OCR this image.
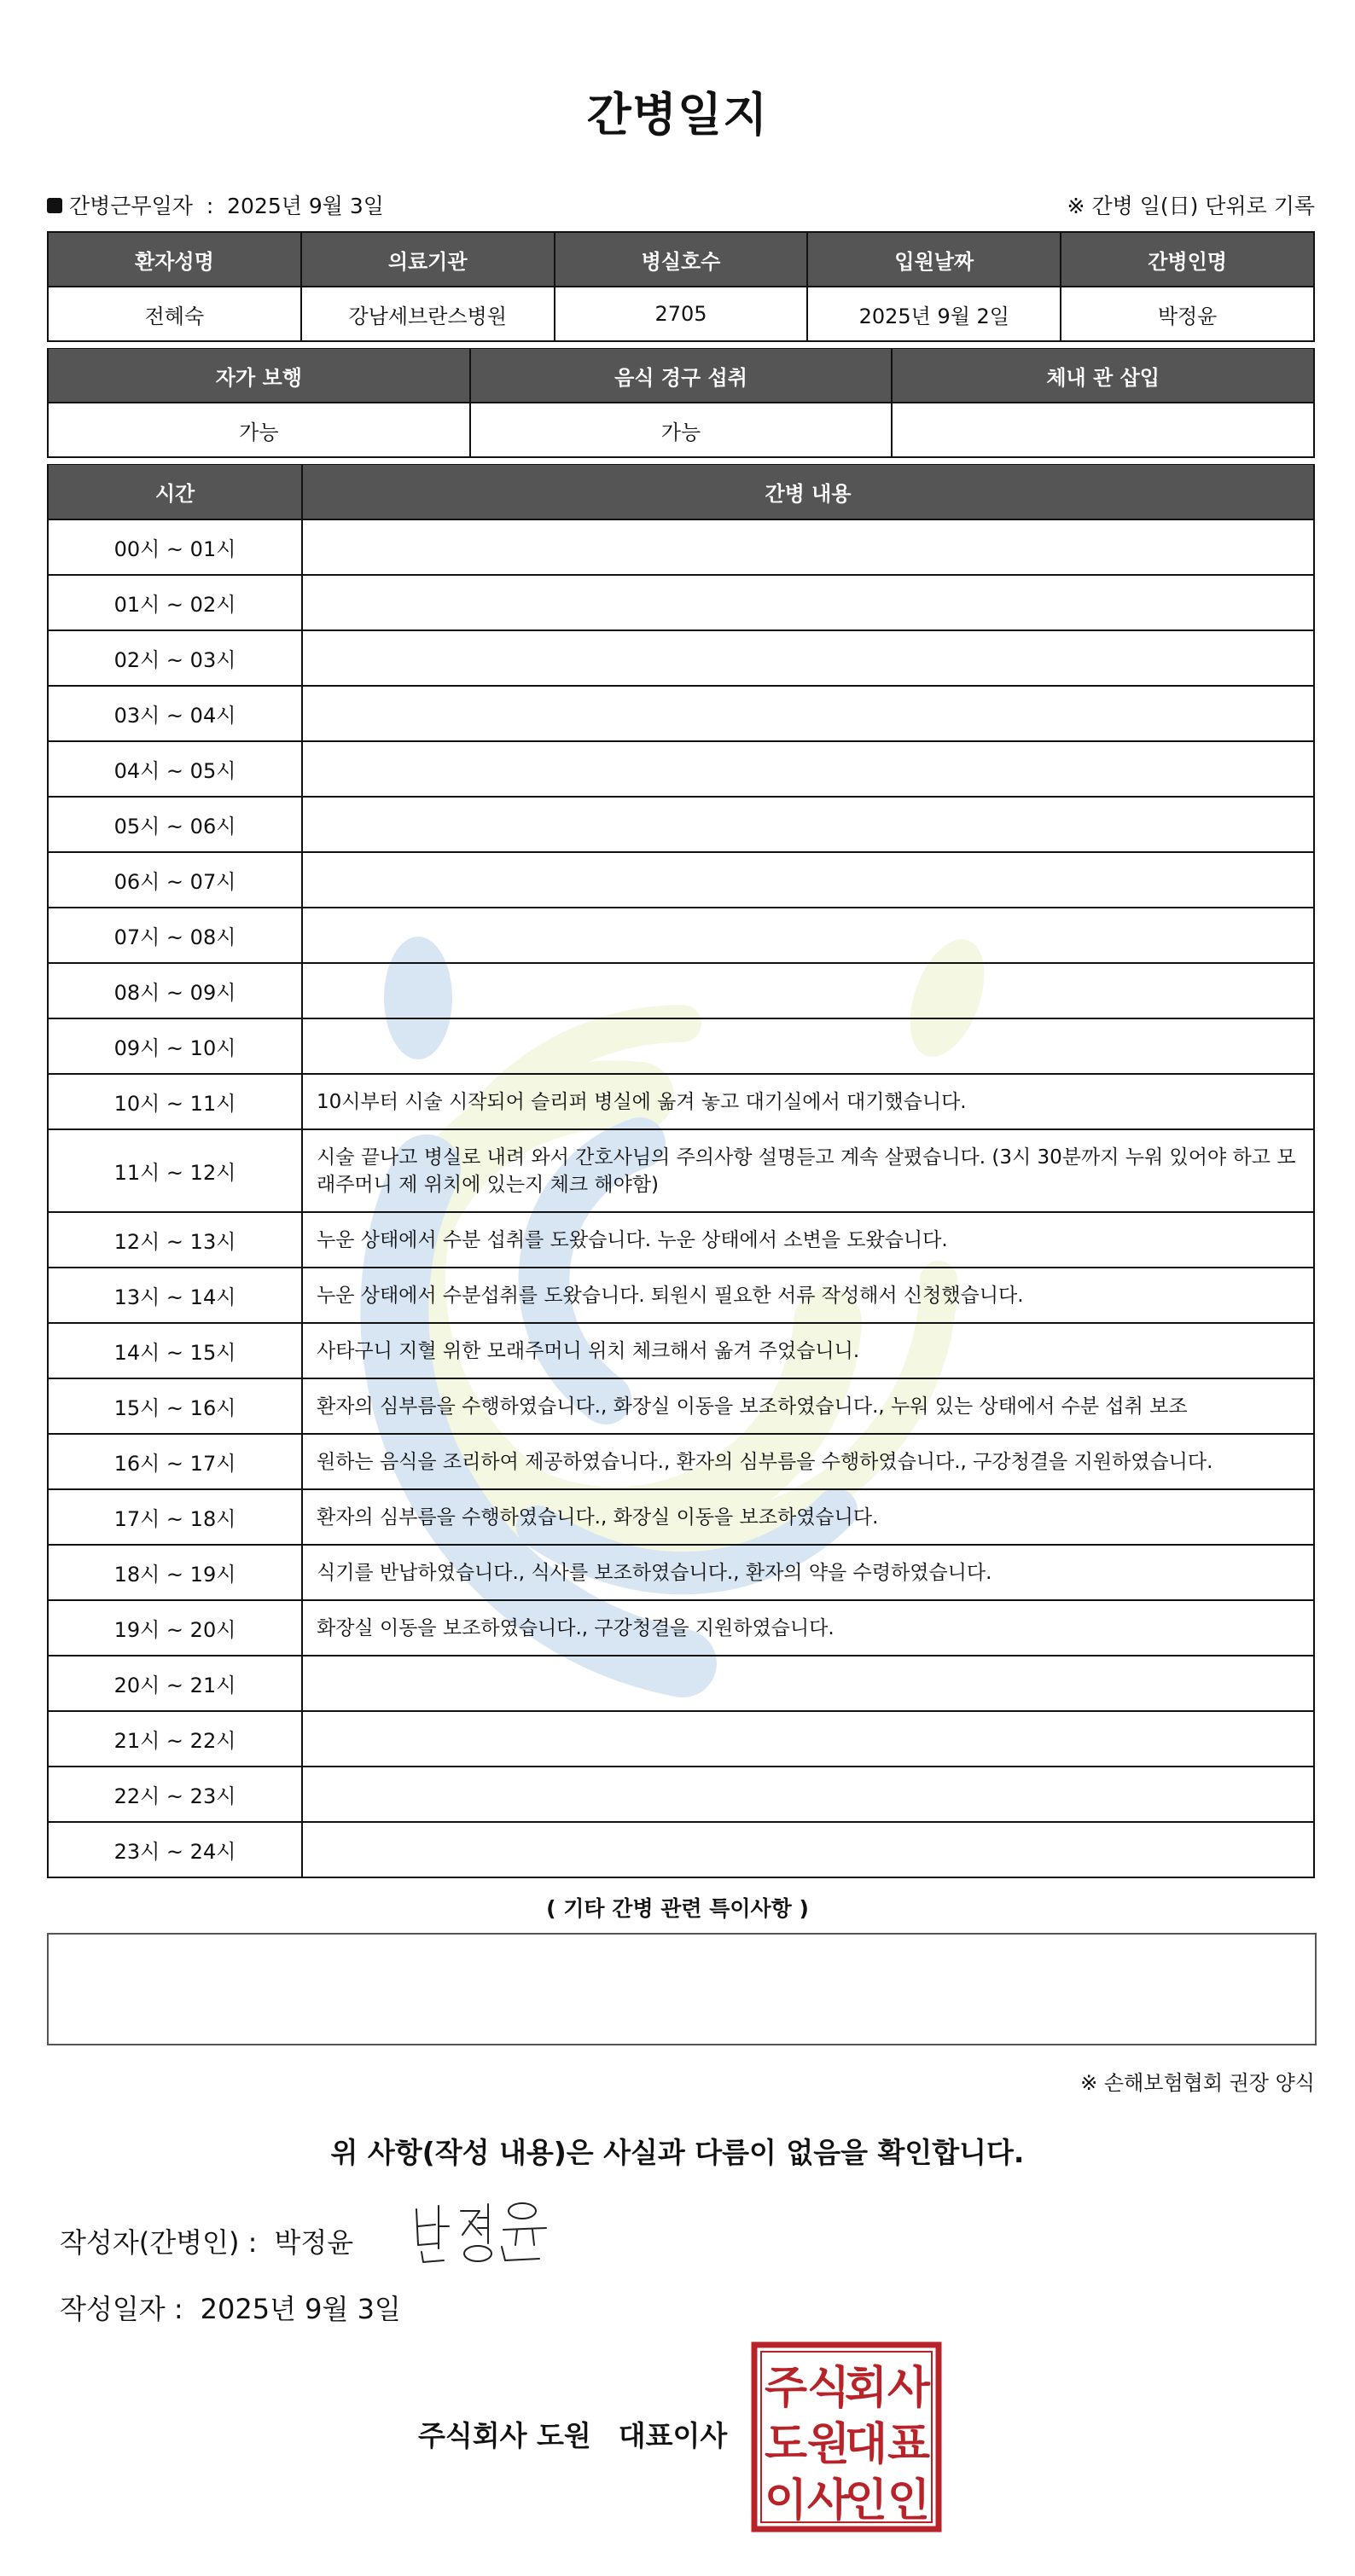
간병일지
간병근무일자 : 2025년 9월 3일	※ 간병 일(日) 단위로 기록
환자성명	의료기관	병실호수	입원날짜	간병인명
전혜숙	강남세브란스병원	2705	2025년 9월 2일	박정윤
자가 보행	음식 경구 섭취	체내 관 삽입
가능	가능	
시간	간병 내용
00시 ~ 01시	
01시 ~ 02시	
02시 ~ 03시	
03시 ~ 04시	
04시 ~ 05시	
05시 ~ 06시	
06시 ~ 07시	
07시 ~ 08시	
08시 ~ 09시	
09시 ~ 10시	
10시 ~ 11시	10시부터 시술 시작되어 슬리퍼 병실에 옮겨 놓고 대기실에서 대기했습니다.
11시 ~ 12시	시술 끝나고 병실로 내려 와서 간호사님의 주의사항 설명듣고 계속 살폈습니다. (3시 30분까지 누워 있어야 하고 모래주머니 제 위치에 있는지 체크 해야함)
12시 ~ 13시	누운 상태에서 수분 섭취를 도왔습니다. 누운 상태에서 소변을 도왔습니다.
13시 ~ 14시	누운 상태에서 수분섭취를 도왔습니다. 퇴원시 필요한 서류 작성해서 신청했습니다.
14시 ~ 15시	사타구니 지혈 위한 모래주머니 위치 체크해서 옮겨 주었습니니.
15시 ~ 16시	환자의 심부름을 수행하였습니다., 화장실 이동을 보조하였습니다., 누워 있는 상태에서 수분 섭취 보조
16시 ~ 17시	원하는 음식을 조리하여 제공하였습니다., 환자의 심부름을 수행하였습니다., 구강청결을 지원하였습니다.
17시 ~ 18시	환자의 심부름을 수행하였습니다., 화장실 이동을 보조하였습니다.
18시 ~ 19시	식기를 반납하였습니다., 식사를 보조하였습니다., 환자의 약을 수령하였습니다.
19시 ~ 20시	화장실 이동을 보조하였습니다., 구강청결을 지원하였습니다.
20시 ~ 21시	
21시 ~ 22시	
22시 ~ 23시	
23시 ~ 24시	
( 기타 간병 관련 특이사항 )
※ 손해보험협회 권장 양식
위 사항(작성 내용)은 사실과 다름이 없음을 확인합니다.
작성자(간병인) : 박정윤
작성일자 : 2025년 9월 3일
주식회사 도원 대표이사
주식
회사
도원
대표
이사
인인
